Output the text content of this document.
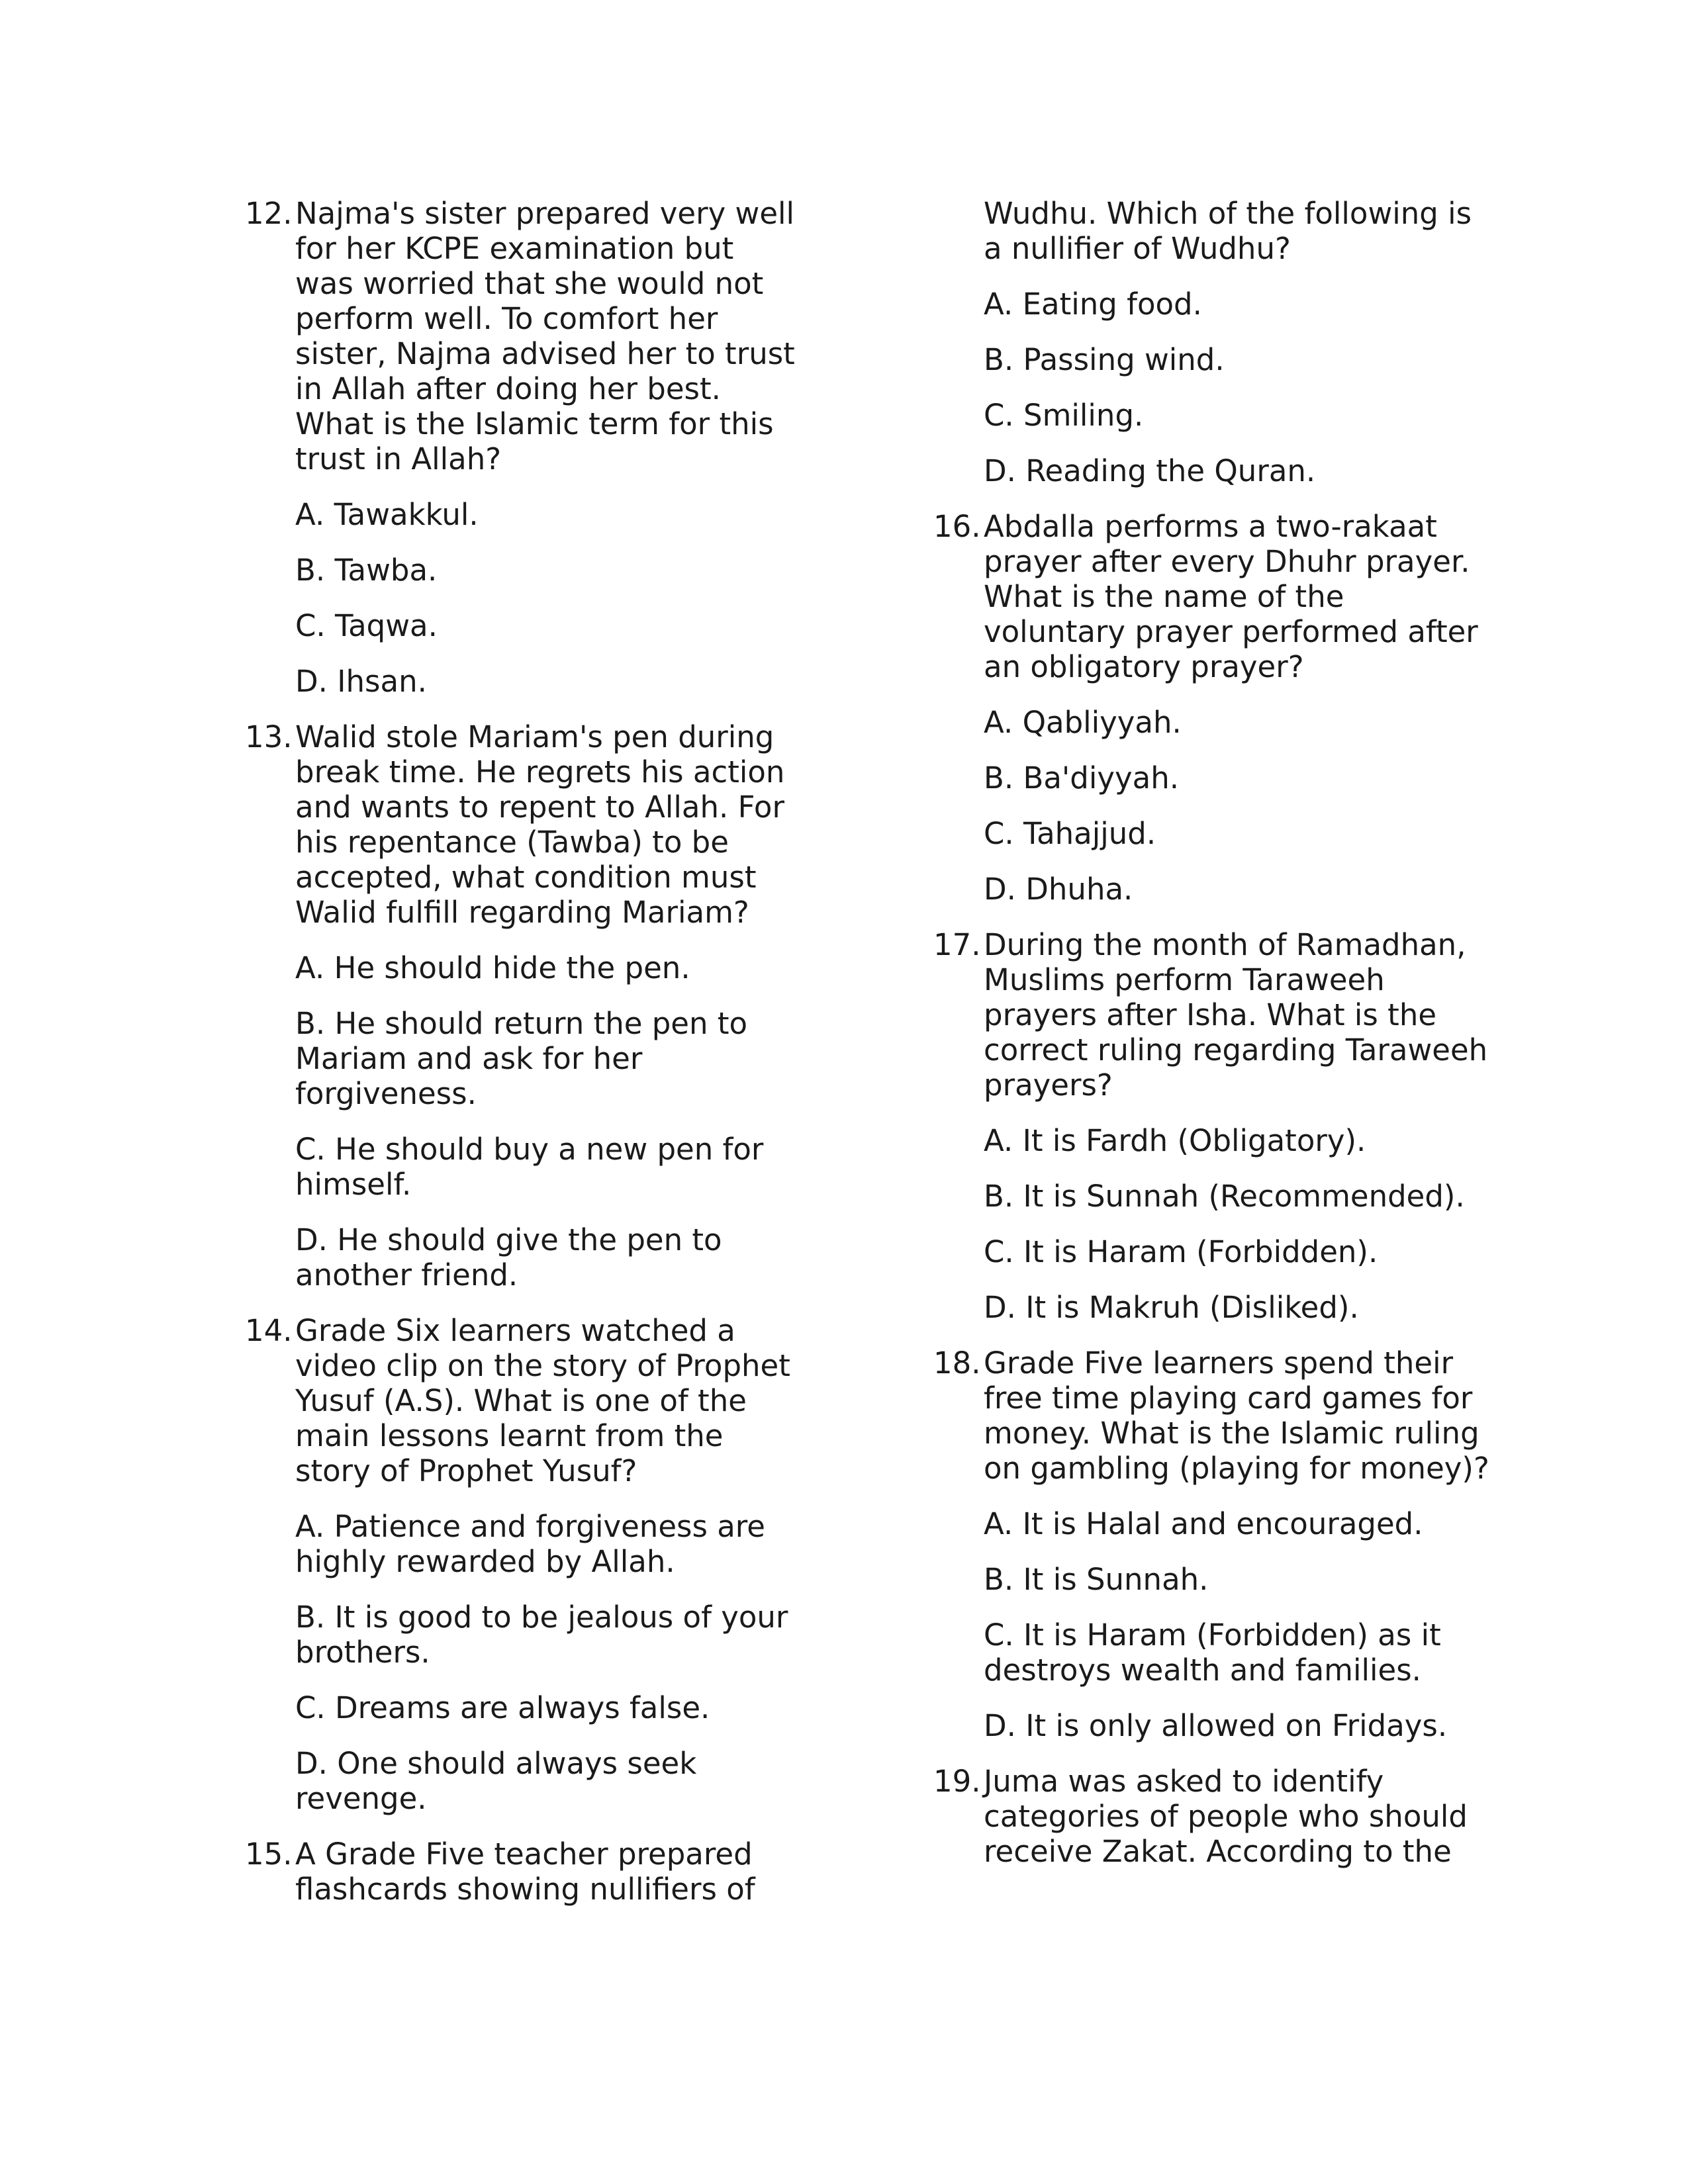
12. Najma's sister prepared very well for her KCPE examination but was worried that she would not perform well. To comfort her sister, Najma advised her to trust in Allah after doing her best. What is the Islamic term for this trust in Allah?
A. Tawakkul.
B. Tawba.
C. Taqwa.
D. Ihsan.
13. Walid stole Mariam's pen during break time. He regrets his action and wants to repent to Allah. For his repentance (Tawba) to be accepted, what condition must Walid fulfill regarding Mariam?
A. He should hide the pen.
B. He should return the pen to Mariam and ask for her forgiveness.
C. He should buy a new pen for himself.
D. He should give the pen to another friend.
14. Grade Six learners watched a video clip on the story of Prophet Yusuf (A.S). What is one of the main lessons learnt from the story of Prophet Yusuf?
A. Patience and forgiveness are highly rewarded by Allah.
B. It is good to be jealous of your brothers.
C. Dreams are always false.
D. One should always seek revenge.
15. A Grade Five teacher prepared flashcards showing nullifiers of
Wudhu. Which of the following is a nullifier of Wudhu?
A. Eating food.
B. Passing wind.
C. Smiling.
D. Reading the Quran.
16. Abdalla performs a two-rakaat prayer after every Dhuhr prayer. What is the name of the voluntary prayer performed after an obligatory prayer?
A. Qabliyyah.
B. Ba'diyyah.
C. Tahajjud.
D. Dhuha.
17. During the month of Ramadhan, Muslims perform Taraweeh prayers after Isha. What is the correct ruling regarding Taraweeh prayers?
A. It is Fardh (Obligatory).
B. It is Sunnah (Recommended).
C. It is Haram (Forbidden).
D. It is Makruh (Disliked).
18. Grade Five learners spend their free time playing card games for money. What is the Islamic ruling on gambling (playing for money)?
A. It is Halal and encouraged.
B. It is Sunnah.
C. It is Haram (Forbidden) as it destroys wealth and families.
D. It is only allowed on Fridays.
19. Juma was asked to identify categories of people who should receive Zakat. According to the
